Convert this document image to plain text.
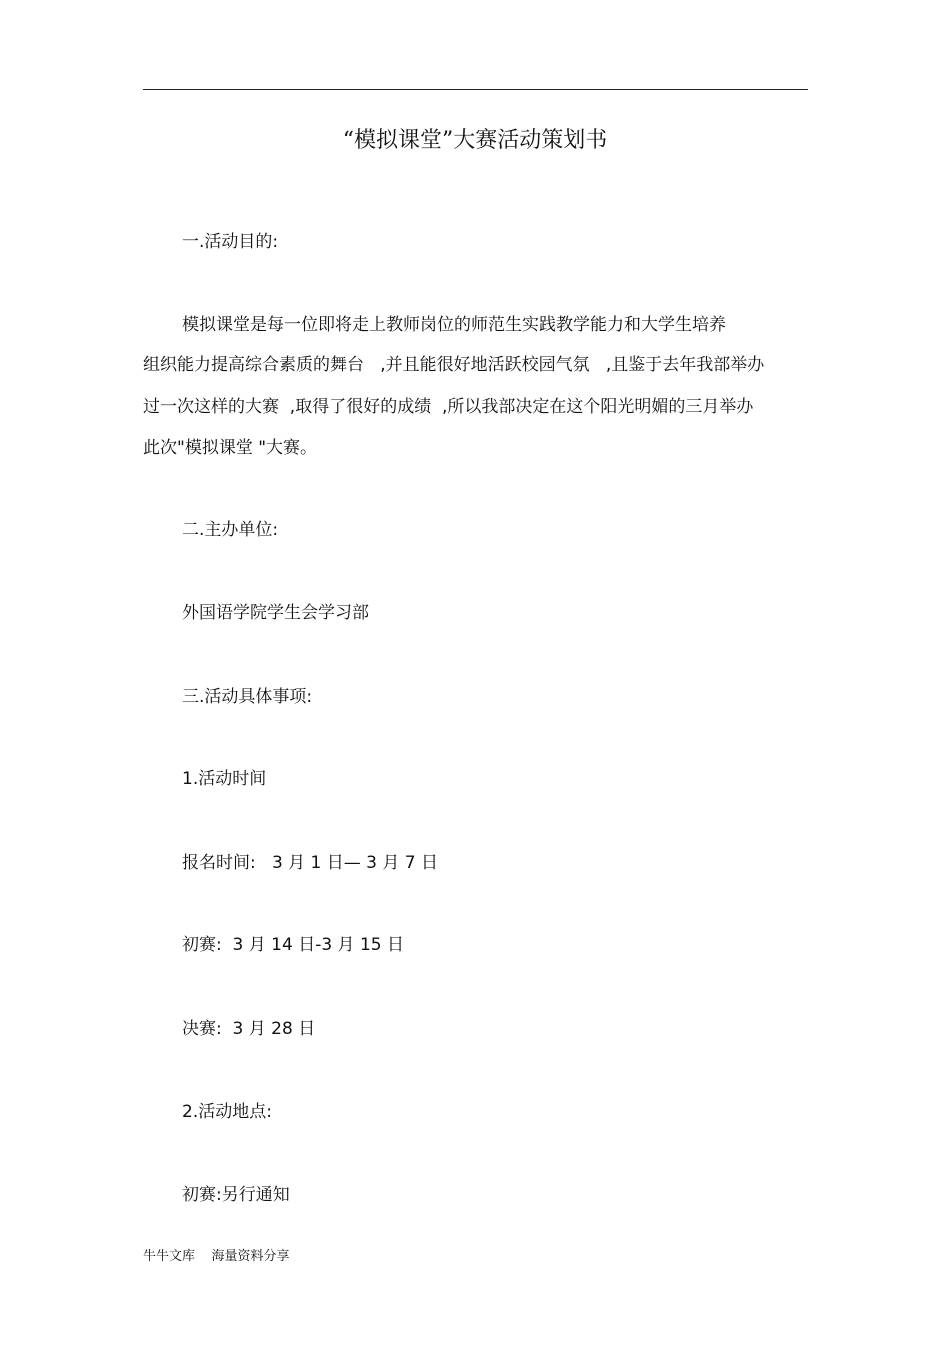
“模拟课堂”大赛活动策划书
一.活动目的:
模拟课堂是每一位即将走上教师岗位的师范生实践教学能力和大学生培养
组织能力提高综合素质的舞台   ,并且能很好地活跃校园气氛   ,且鉴于去年我部举办
过一次这样的大赛  ,取得了很好的成绩  ,所以我部决定在这个阳光明媚的三月举办
此次"模拟课堂 "大赛。
二.主办单位:
外国语学院学生会学习部
三.活动具体事项:
1.活动时间
报名时间:   3 月 1 日— 3 月 7 日
初赛:  3 月 14 日-3 月 15 日
决赛:  3 月 28 日
2.活动地点:
初赛:另行通知
牛牛文库    海量资料分享
